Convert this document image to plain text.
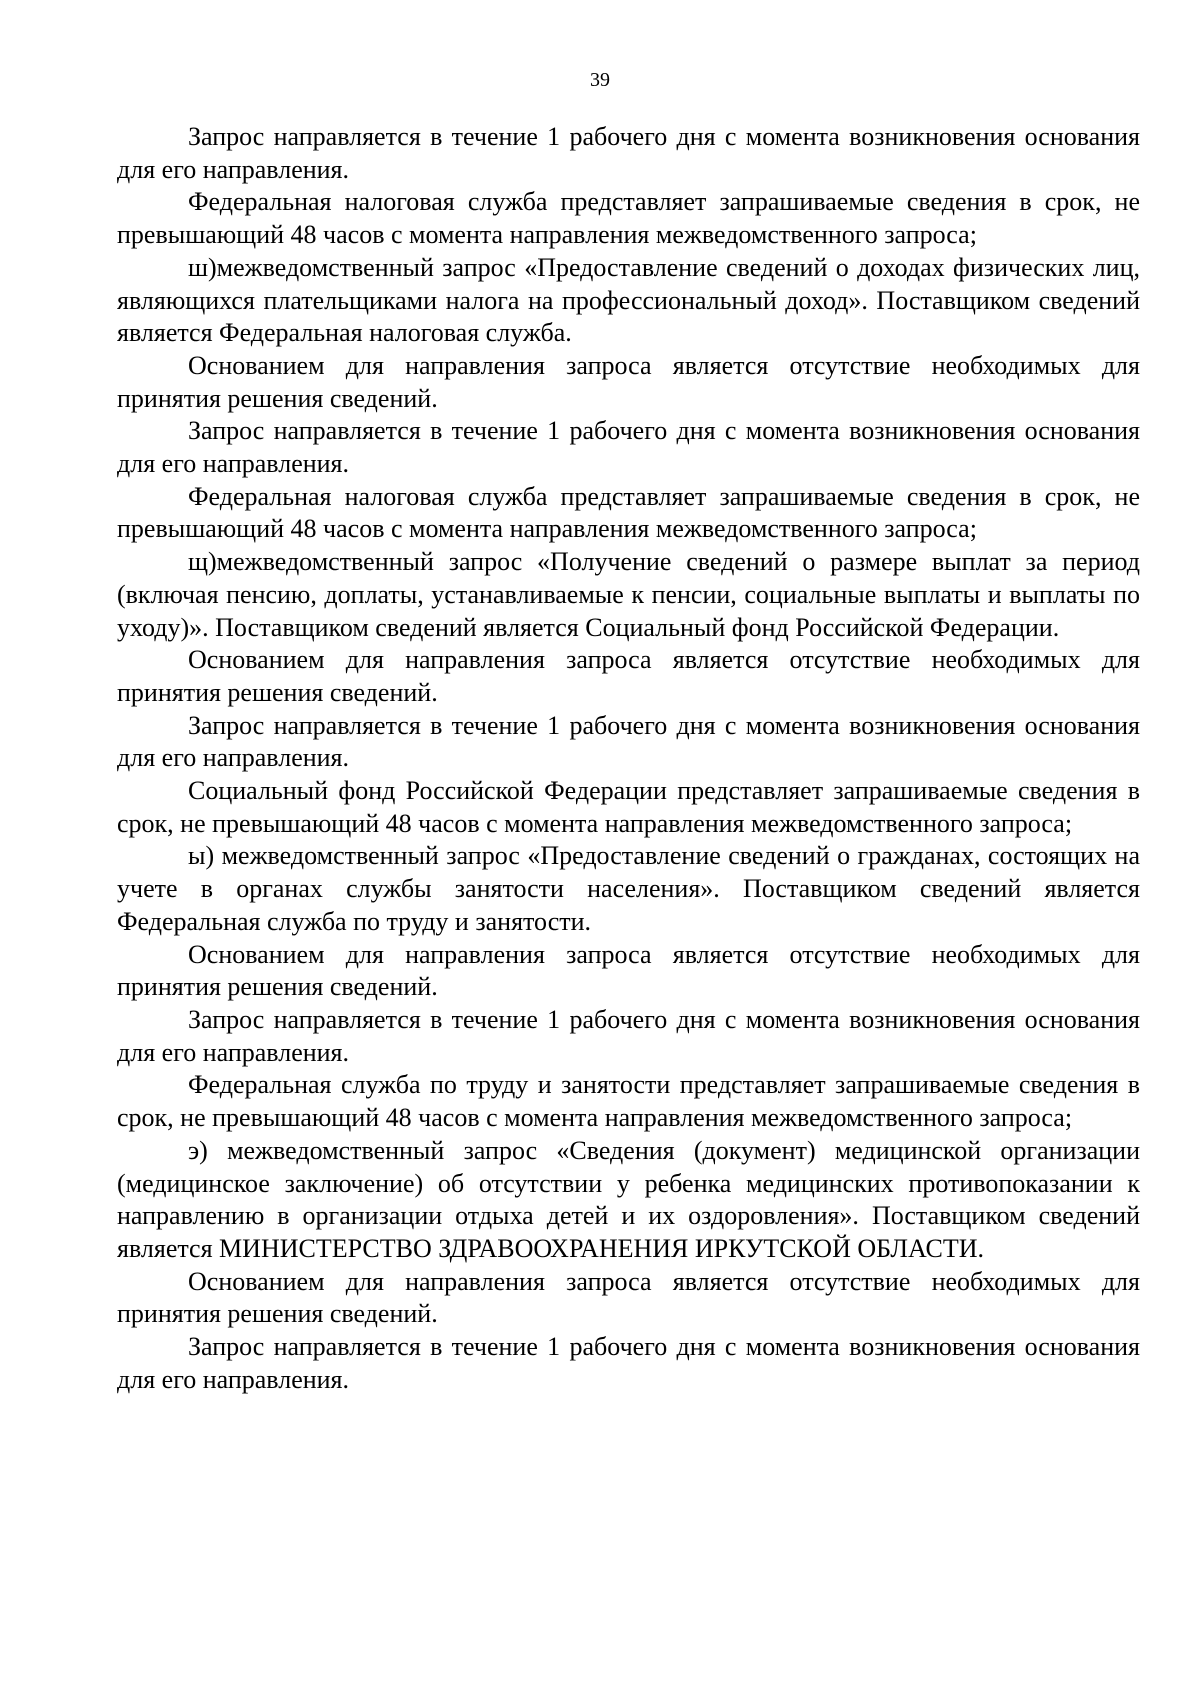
39

Запрос направляется в течение 1 рабочего дня с момента возникновения основания для его направления.

Федеральная налоговая служба представляет запрашиваемые сведения в срок, не превышающий 48 часов с момента направления межведомственного запроса;

ш)межведомственный запрос «Предоставление сведений о доходах физических лиц, являющихся плательщиками налога на профессиональный доход». Поставщиком сведений является Федеральная налоговая служба.

Основанием для направления запроса является отсутствие необходимых для принятия решения сведений.

Запрос направляется в течение 1 рабочего дня с момента возникновения основания для его направления.

Федеральная налоговая служба представляет запрашиваемые сведения в срок, не превышающий 48 часов с момента направления межведомственного запроса;

щ)межведомственный запрос «Получение сведений о размере выплат за период (включая пенсию, доплаты, устанавливаемые к пенсии, социальные выплаты и выплаты по уходу)». Поставщиком сведений является Социальный фонд Российской Федерации.

Основанием для направления запроса является отсутствие необходимых для принятия решения сведений.

Запрос направляется в течение 1 рабочего дня с момента возникновения основания для его направления.

Социальный фонд Российской Федерации представляет запрашиваемые сведения в срок, не превышающий 48 часов с момента направления межведомственного запроса;

ы) межведомственный запрос «Предоставление сведений о гражданах, состоящих на учете в органах службы занятости населения». Поставщиком сведений является Федеральная служба по труду и занятости.

Основанием для направления запроса является отсутствие необходимых для принятия решения сведений.

Запрос направляется в течение 1 рабочего дня с момента возникновения основания для его направления.

Федеральная служба по труду и занятости представляет запрашиваемые сведения в срок, не превышающий 48 часов с момента направления межведомственного запроса;

э) межведомственный запрос «Сведения (документ) медицинской организации (медицинское заключение) об отсутствии у ребенка медицинских противопоказании к направлению в организации отдыха детей и их оздоровления». Поставщиком сведений является МИНИСТЕРСТВО ЗДРАВООХРАНЕНИЯ ИРКУТСКОЙ ОБЛАСТИ.

Основанием для направления запроса является отсутствие необходимых для принятия решения сведений.

Запрос направляется в течение 1 рабочего дня с момента возникновения основания для его направления.
